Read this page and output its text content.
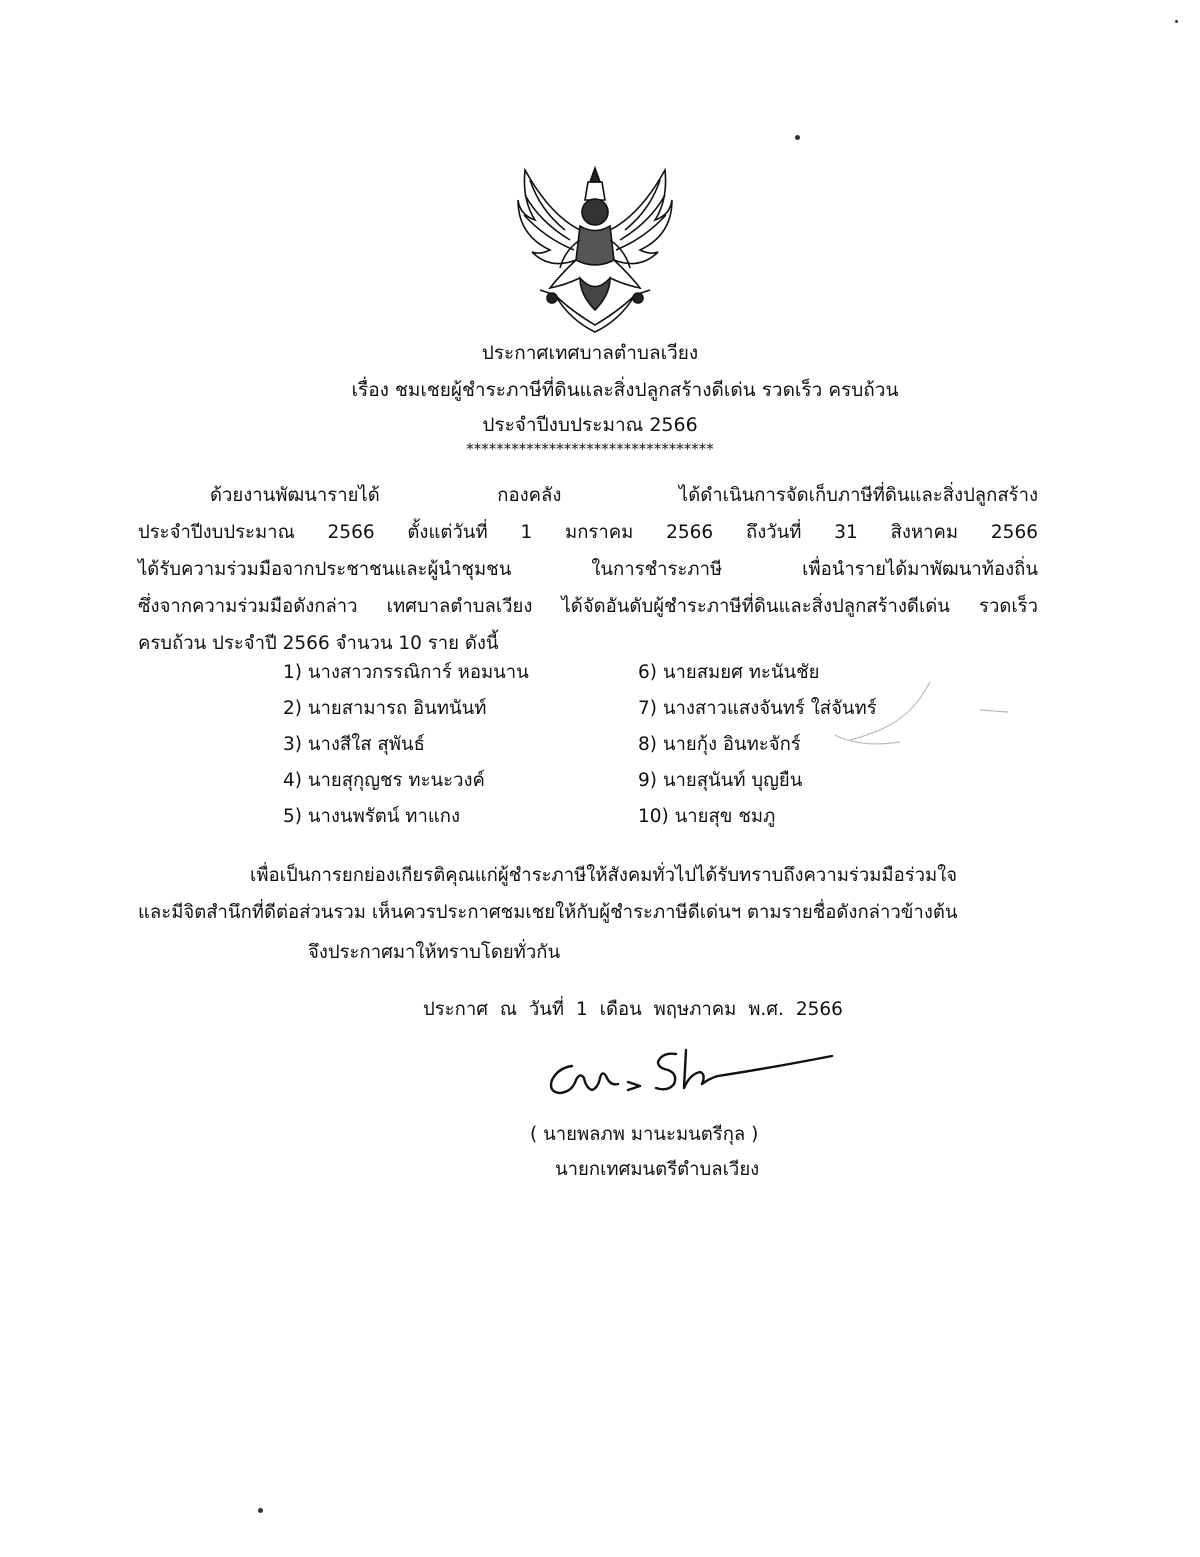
ประกาศเทศบาลตำบลเวียง
เรื่อง ชมเชยผู้ชำระภาษีที่ดินและสิ่งปลูกสร้างดีเด่น รวดเร็ว ครบถ้วน
ประจำปีงบประมาณ 2566
*********************************
ด้วยงานพัฒนารายได้ กองคลัง ได้ดำเนินการจัดเก็บภาษีที่ดินและสิ่งปลูกสร้าง
ประจำปีงบประมาณ 2566 ตั้งแต่วันที่ 1 มกราคม 2566 ถึงวันที่ 31 สิงหาคม 2566
ได้รับความร่วมมือจากประชาชนและผู้นำชุมชน ในการชำระภาษี เพื่อนำรายได้มาพัฒนาท้องถิ่น
ซึ่งจากความร่วมมือดังกล่าว เทศบาลตำบลเวียง ได้จัดอันดับผู้ชำระภาษีที่ดินและสิ่งปลูกสร้างดีเด่น รวดเร็ว
ครบถ้วน ประจำปี 2566 จำนวน 10 ราย ดังนี้
1) นางสาวกรรณิการ์ หอมนาน
2) นายสามารถ อินทนันท์
3) นางสีใส สุพันธ์
4) นายสุกุญชร ทะนะวงค์
5) นางนพรัตน์ ทาแกง
6) นายสมยศ ทะนันชัย
7) นางสาวแสงจันทร์ ใส่จันทร์
8) นายกุ้ง อินทะจักร์
9) นายสุนันท์ บุญยืน
10) นายสุข ชมภู
เพื่อเป็นการยกย่องเกียรติคุณแก่ผู้ชำระภาษีให้สังคมทั่วไปได้รับทราบถึงความร่วมมือร่วมใจ
และมีจิตสำนึกที่ดีต่อส่วนรวม เห็นควรประกาศชมเชยให้กับผู้ชำระภาษีดีเด่นฯ ตามรายชื่อดังกล่าวข้างต้น
จึงประกาศมาให้ทราบโดยทั่วกัน
ประกาศ ณ วันที่ 1 เดือน พฤษภาคม พ.ศ. 2566
( นายพลภพ มานะมนตรีกุล )
นายกเทศมนตรีตำบลเวียง
